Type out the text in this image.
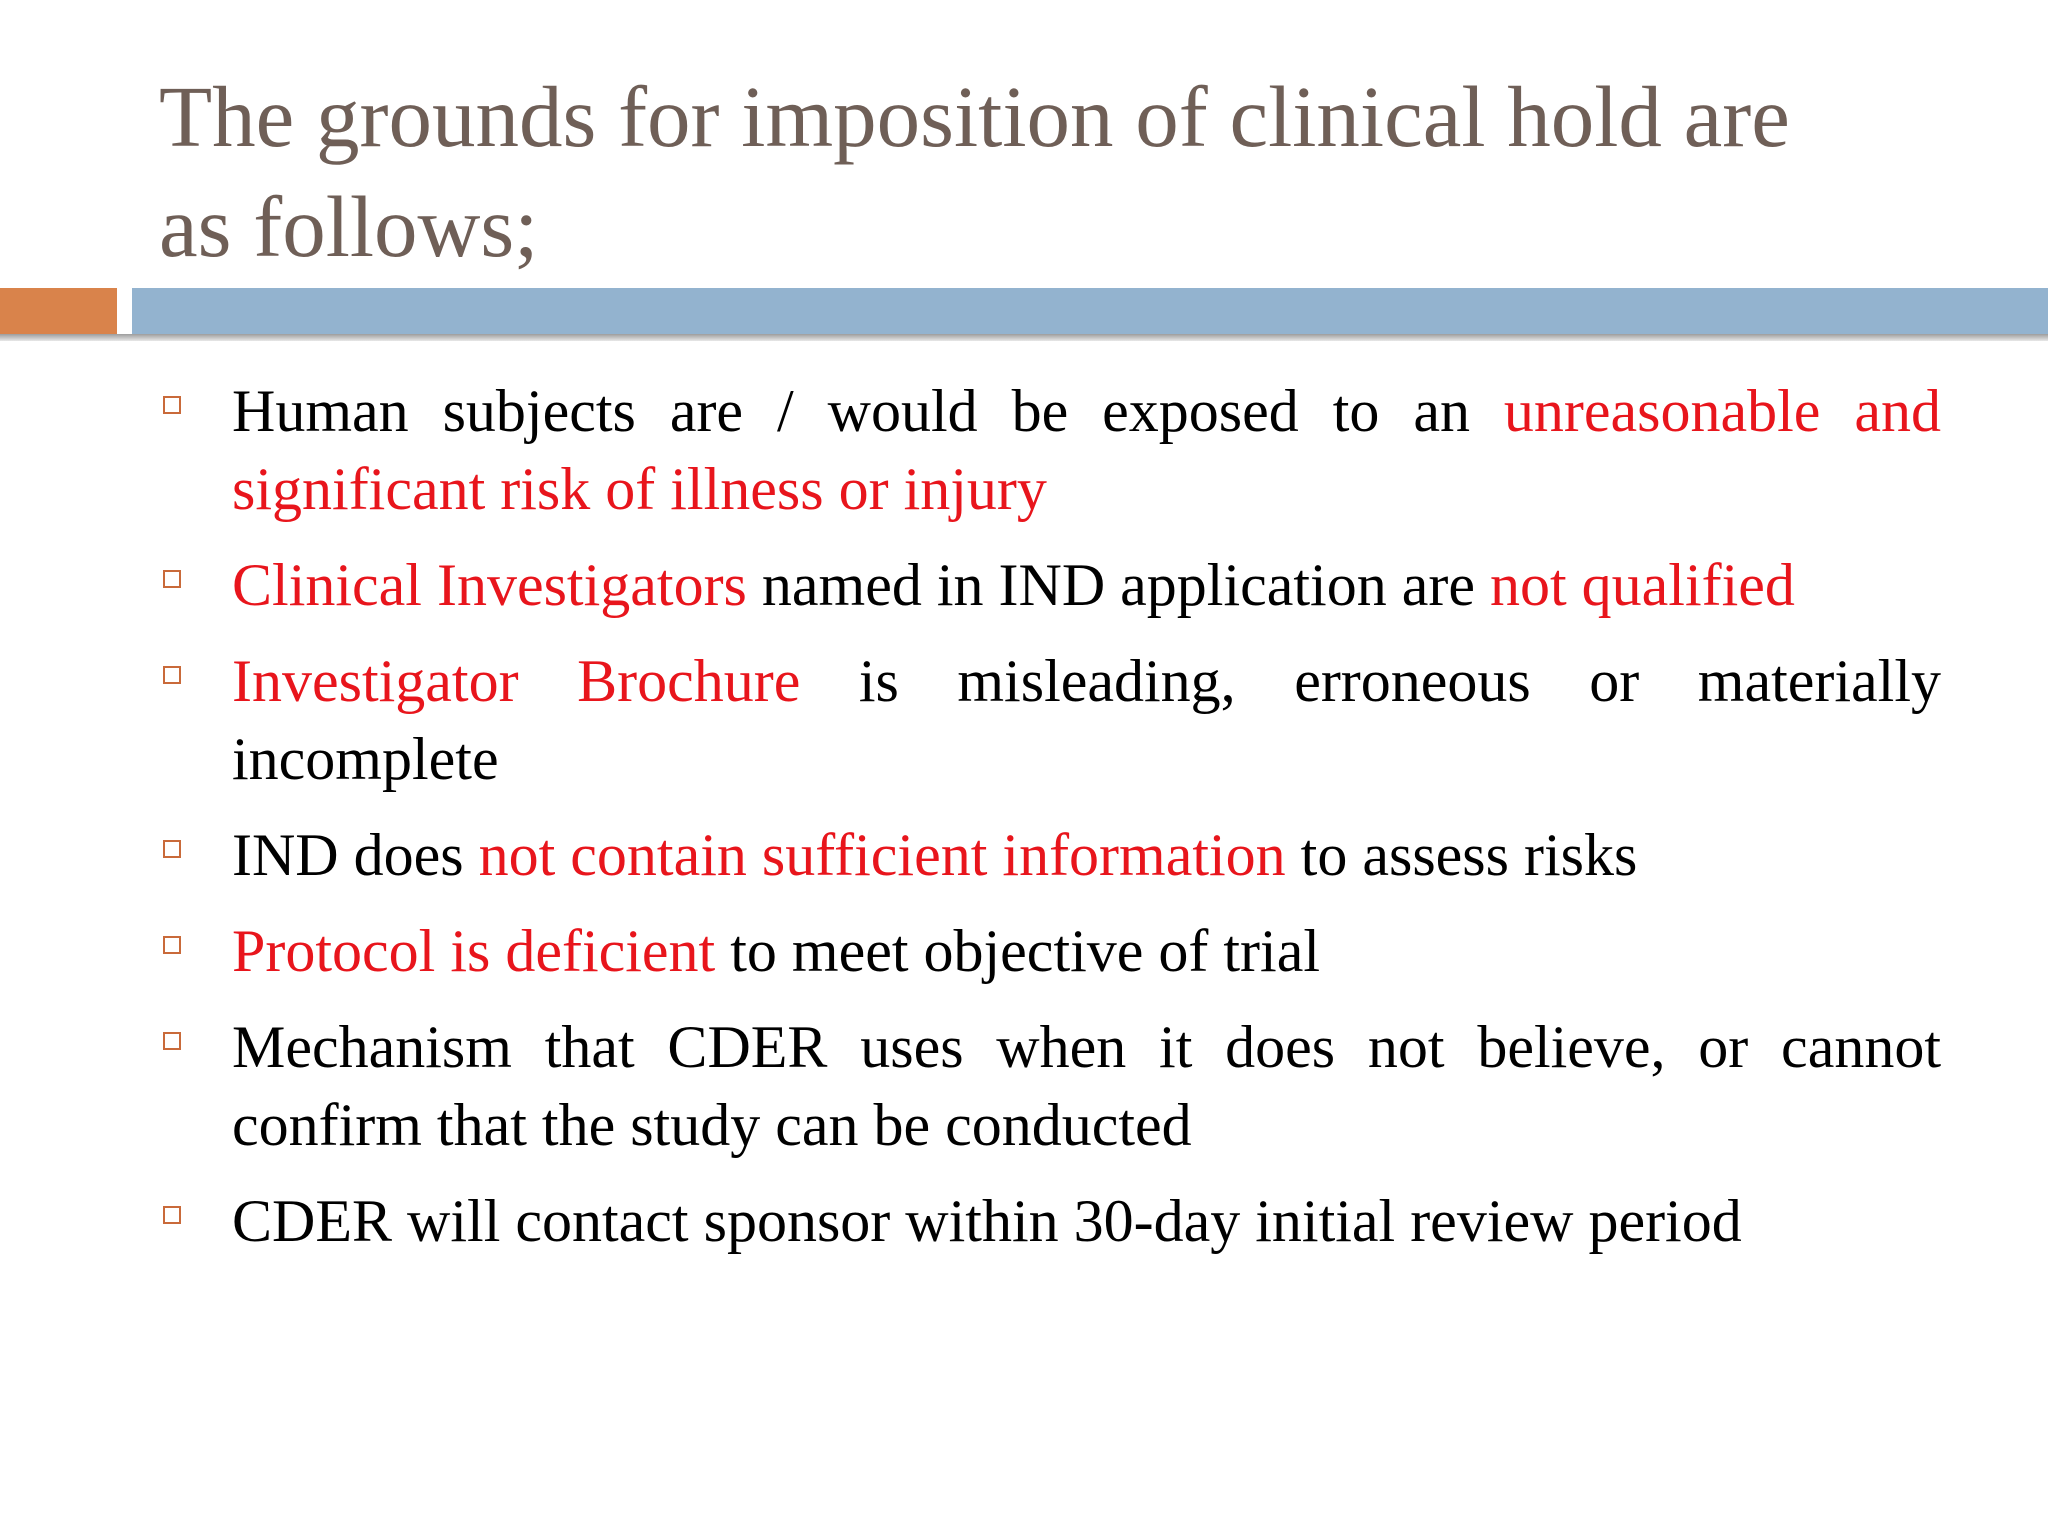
The grounds for imposition of clinical hold are
as follows;
Human subjects are / would be exposed to an unreasonable and significant risk of illness or injury
Clinical Investigators named in IND application are not qualified
Investigator Brochure is misleading, erroneous or materially incomplete
IND does not contain sufficient information to assess risks
Protocol is deficient to meet objective of trial
Mechanism that CDER uses when it does not believe, or cannot confirm that the study can be conducted
CDER will contact sponsor within 30-day initial review period
